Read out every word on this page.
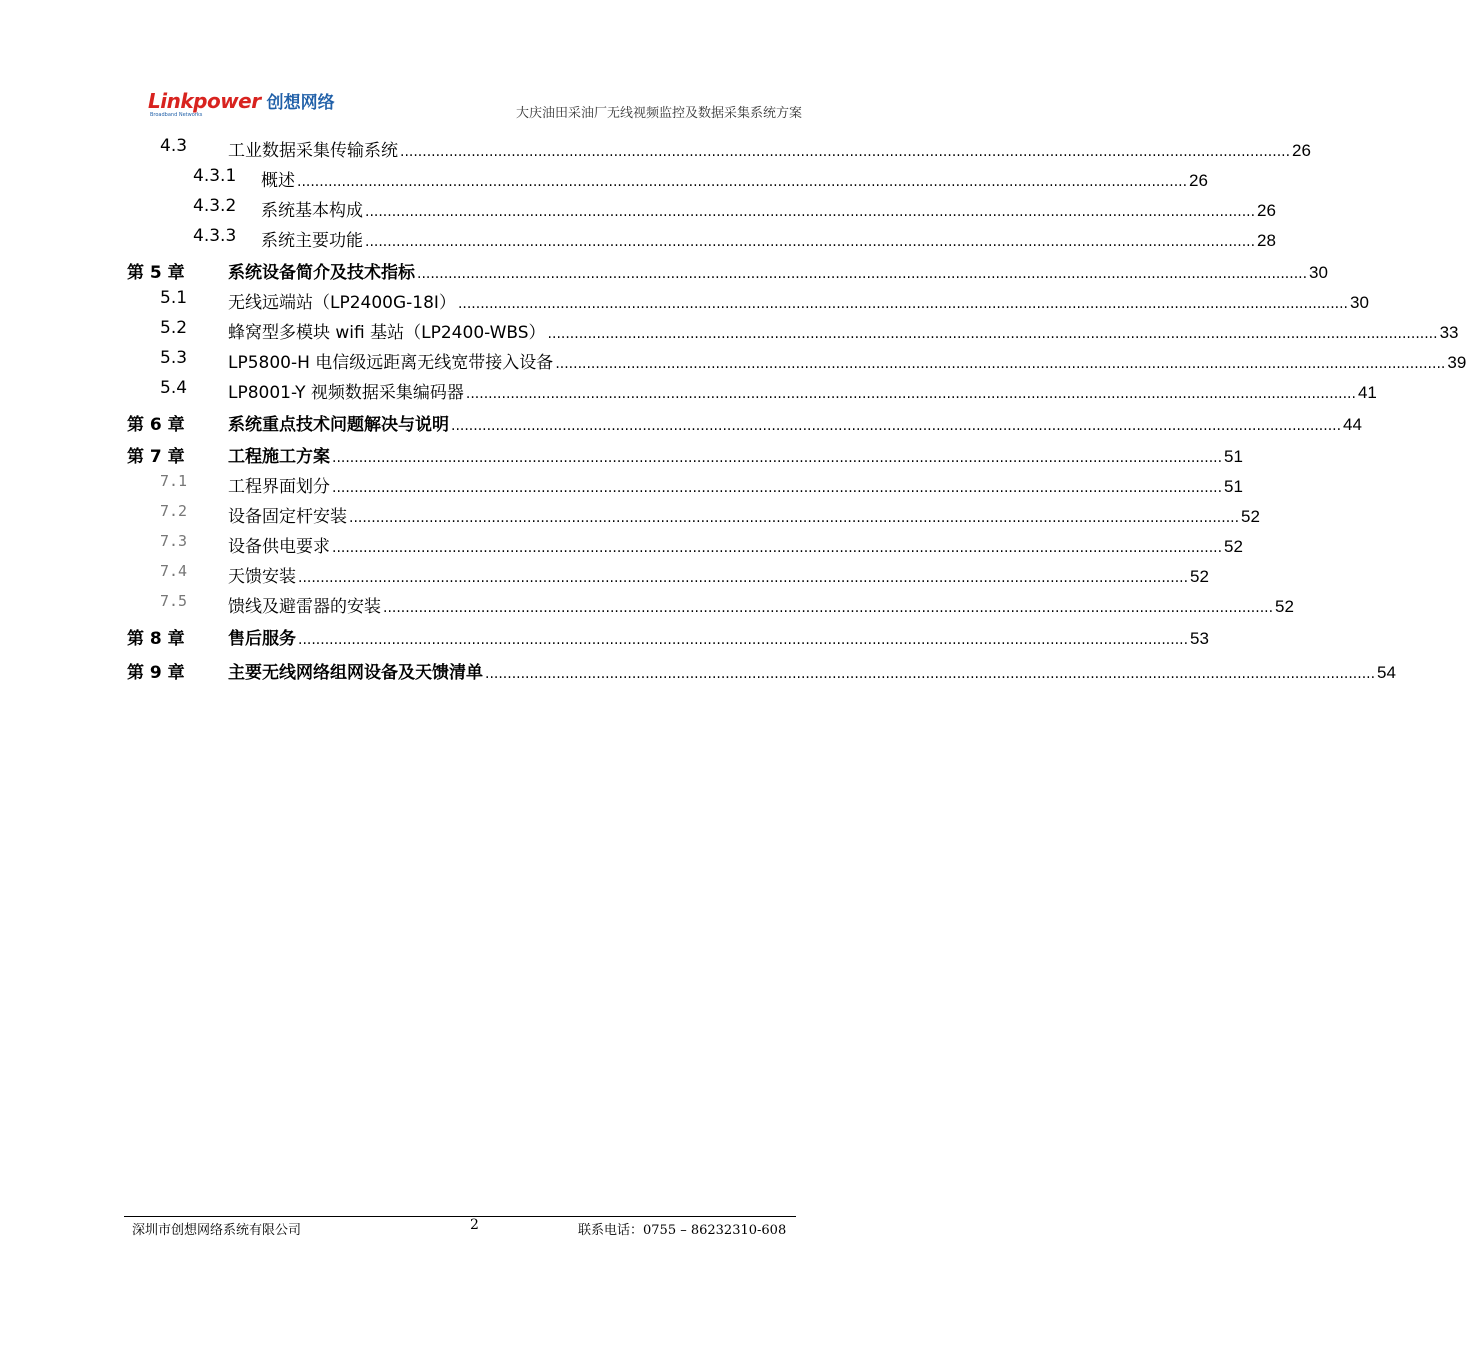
Linkpower 创想网络
Broadband Networks	大庆油田采油厂无线视频监控及数据采集系统方案
4.3 工业数据采集传输系统 ........................................................................................................................................................................................................ 26
4.3.1 概述 ........................................................................................................................................................................................................ 26
4.3.2 系统基本构成 ........................................................................................................................................................................................................ 26
4.3.3 系统主要功能 ........................................................................................................................................................................................................ 28
第 5 章	系统设备简介及技术指标 ........................................................................................................................................................................................................ 30
5.1 无线远端站（LP2400G-18I） ........................................................................................................................................................................................................ 30
5.2 蜂窝型多模块 wifi 基站（LP2400-WBS） ........................................................................................................................................................................................................ 33
5.3 LP5800-H 电信级远距离无线宽带接入设备 ........................................................................................................................................................................................................ 39
5.4 LP8001-Y 视频数据采集编码器 ........................................................................................................................................................................................................ 41
第 6 章	系统重点技术问题解决与说明 ........................................................................................................................................................................................................ 44
第 7 章	工程施工方案 ........................................................................................................................................................................................................ 51
7.1 工程界面划分 ........................................................................................................................................................................................................ 51
7.2 设备固定杆安装 ........................................................................................................................................................................................................ 52
7.3 设备供电要求 ........................................................................................................................................................................................................ 52
7.4 天馈安装 ........................................................................................................................................................................................................ 52
7.5 馈线及避雷器的安装 ........................................................................................................................................................................................................ 52
第 8 章	售后服务 ........................................................................................................................................................................................................ 53
第 9 章	主要无线网络组网设备及天馈清单 ........................................................................................................................................................................................................ 54
深圳市创想网络系统有限公司	2	联系电话：0755 – 86232310-608
